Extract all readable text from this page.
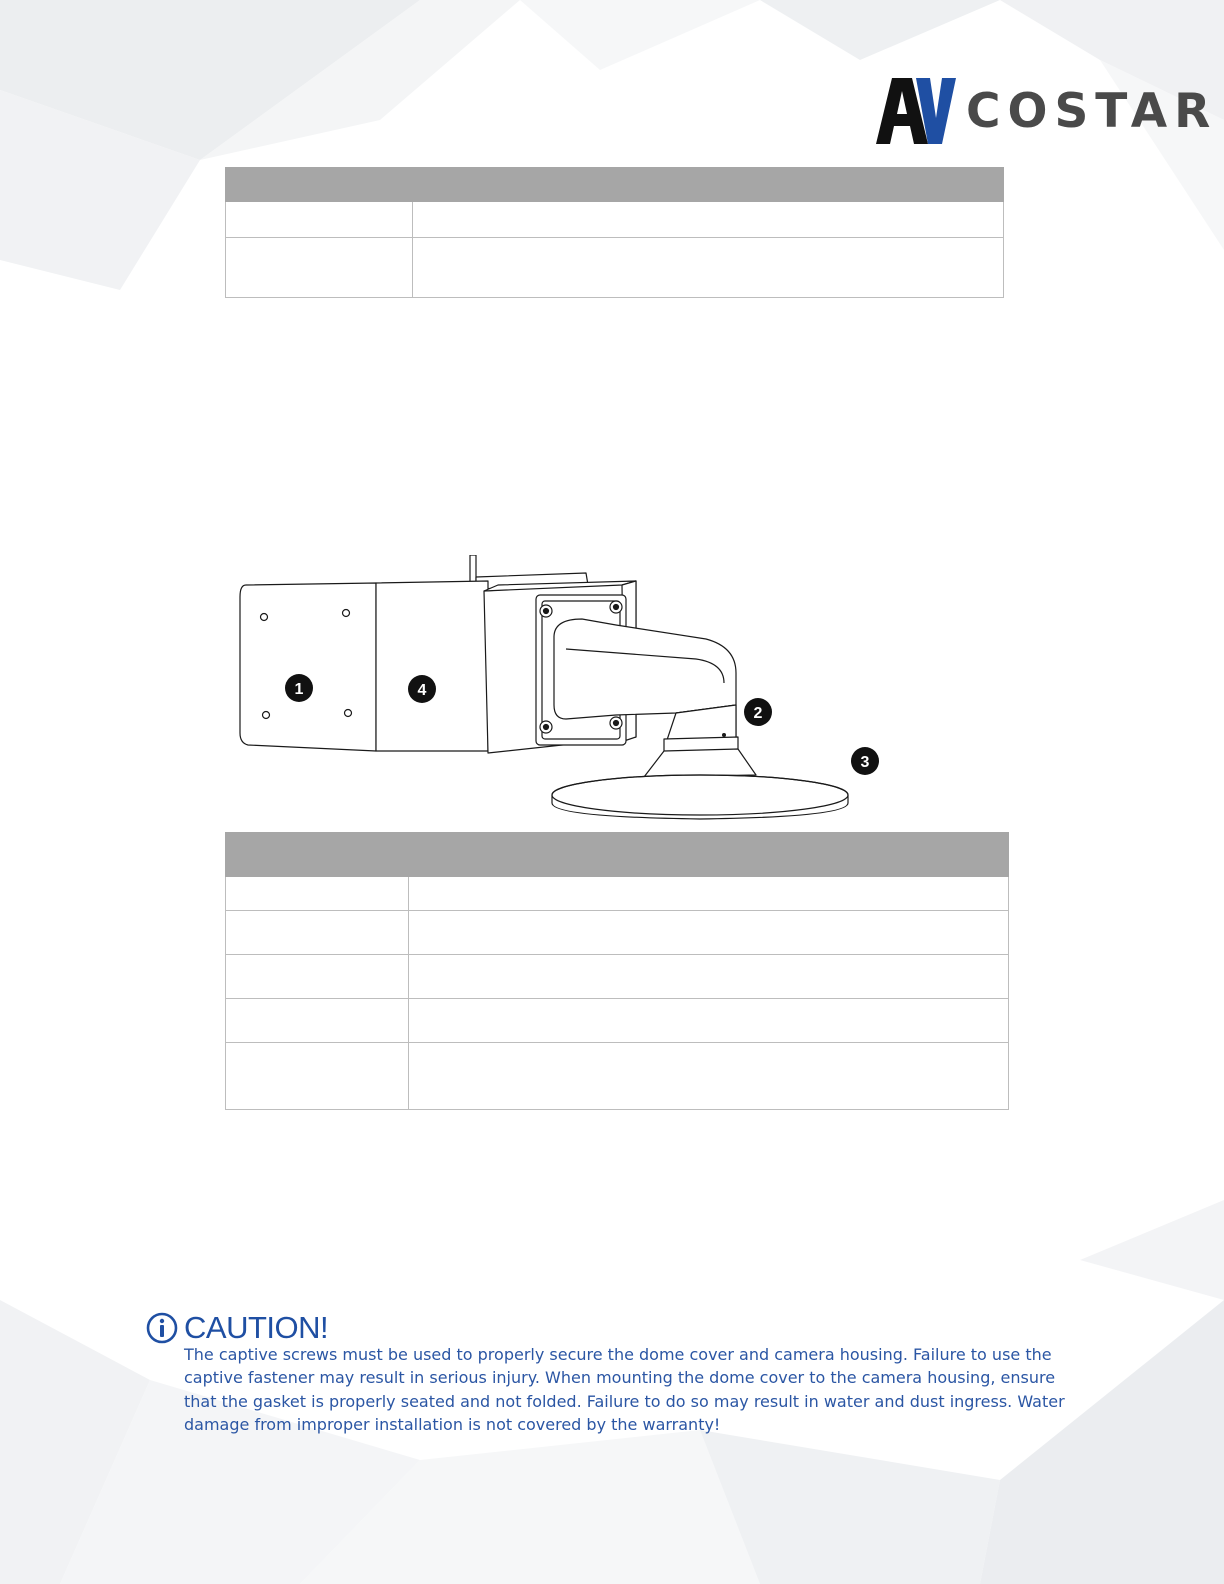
COSTAR

1	4
2
3

CAUTION!
The captive screws must be used to properly secure the dome cover and camera housing. Failure to use the
captive fastener may result in serious injury. When mounting the dome cover to the camera housing, ensure
that the gasket is properly seated and not folded. Failure to do so may result in water and dust ingress. Water
damage from improper installation is not covered by the warranty!
